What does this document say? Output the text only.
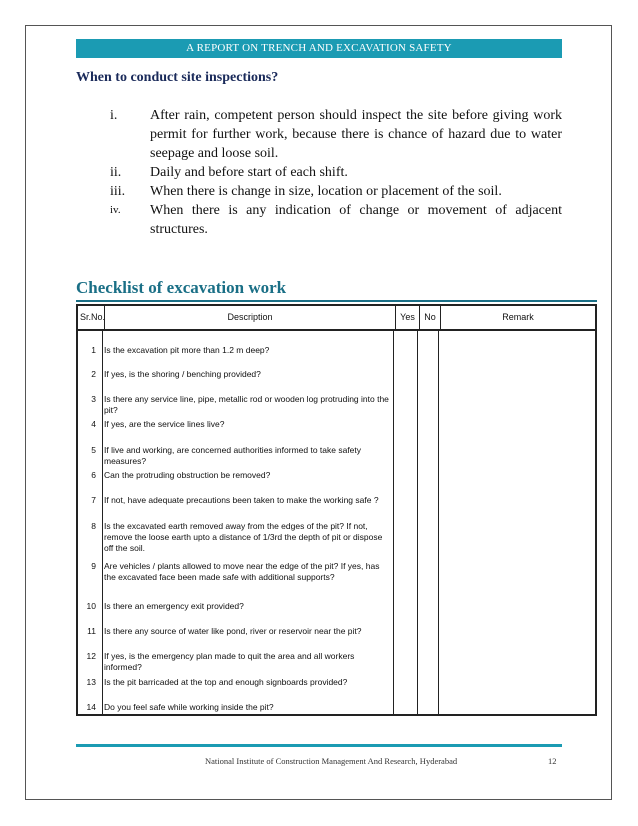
A REPORT ON TRENCH AND EXCAVATION SAFETY
When to conduct site inspections?
i.	After rain, competent person should inspect the site before giving work permit for further work, because there is chance of hazard due to water seepage and loose soil.
ii.	Daily and before start of each shift.
iii.	When there is change in size, location or placement of the soil.
iv.	When there is any indication of change or movement of adjacent structures.
Checklist of excavation work
Sr.No.	Description	Yes	No	Remark
1 Is the excavation pit more than 1.2 m deep?
2 If yes, is the shoring / benching provided?
3 Is there any service line, pipe, metallic rod or wooden log protruding into the pit?
4 If yes, are the service lines live?
5 If live and working, are concerned authorities informed to take safety measures?
6 Can the protruding obstruction be removed?
7 If not, have adequate precautions been taken to make the working safe ?
8 Is the excavated earth removed away from the edges of the pit? If not, remove the loose earth upto a distance of 1/3rd the depth of pit or dispose off the soil.
9 Are vehicles / plants allowed to move near the edge of the pit? If yes, has the excavated face been made safe with additional supports?
10 Is there an emergency exit provided?
11 Is there any source of water like pond, river or reservoir near the pit?
12 If yes, is the emergency plan made to quit the area and all workers informed?
13 Is the pit barricaded at the top and enough signboards provided?
14 Do you feel safe while working inside the pit?
National Institute of Construction Management And Research, Hyderabad	12
